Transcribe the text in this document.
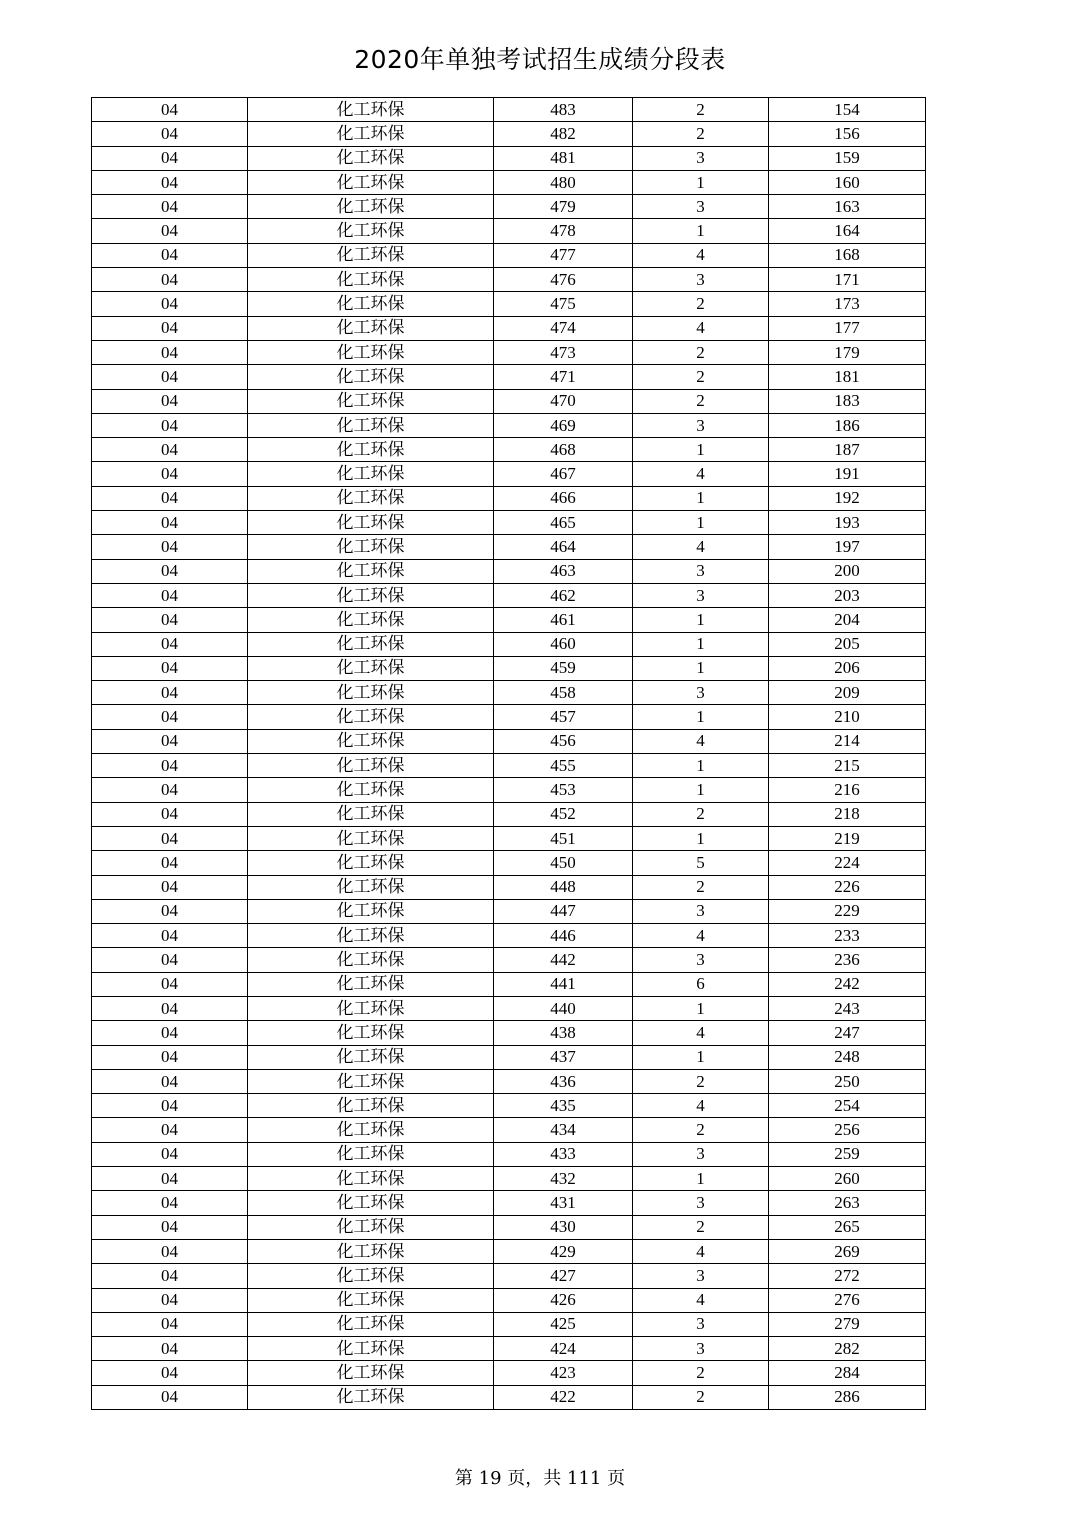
2020年单独考试招生成绩分段表
04	化工环保	483	2	154
04	化工环保	482	2	156
04	化工环保	481	3	159
04	化工环保	480	1	160
04	化工环保	479	3	163
04	化工环保	478	1	164
04	化工环保	477	4	168
04	化工环保	476	3	171
04	化工环保	475	2	173
04	化工环保	474	4	177
04	化工环保	473	2	179
04	化工环保	471	2	181
04	化工环保	470	2	183
04	化工环保	469	3	186
04	化工环保	468	1	187
04	化工环保	467	4	191
04	化工环保	466	1	192
04	化工环保	465	1	193
04	化工环保	464	4	197
04	化工环保	463	3	200
04	化工环保	462	3	203
04	化工环保	461	1	204
04	化工环保	460	1	205
04	化工环保	459	1	206
04	化工环保	458	3	209
04	化工环保	457	1	210
04	化工环保	456	4	214
04	化工环保	455	1	215
04	化工环保	453	1	216
04	化工环保	452	2	218
04	化工环保	451	1	219
04	化工环保	450	5	224
04	化工环保	448	2	226
04	化工环保	447	3	229
04	化工环保	446	4	233
04	化工环保	442	3	236
04	化工环保	441	6	242
04	化工环保	440	1	243
04	化工环保	438	4	247
04	化工环保	437	1	248
04	化工环保	436	2	250
04	化工环保	435	4	254
04	化工环保	434	2	256
04	化工环保	433	3	259
04	化工环保	432	1	260
04	化工环保	431	3	263
04	化工环保	430	2	265
04	化工环保	429	4	269
04	化工环保	427	3	272
04	化工环保	426	4	276
04	化工环保	425	3	279
04	化工环保	424	3	282
04	化工环保	423	2	284
04	化工环保	422	2	286
第 19 页，共 111 页
